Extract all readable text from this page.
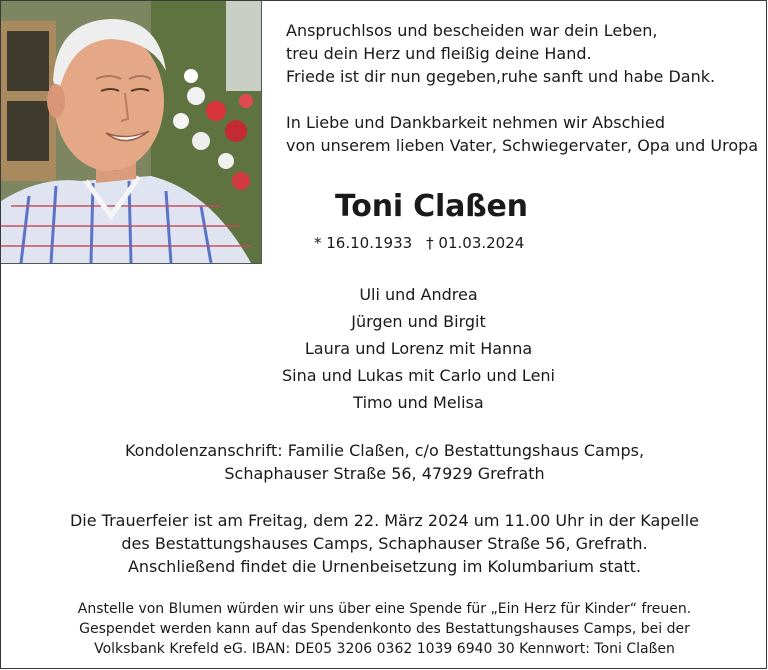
Anspruchlsos und bescheiden war dein Leben,
treu dein Herz und fleißig deine Hand.
Friede ist dir nun gegeben,ruhe sanft und habe Dank.
In Liebe und Dankbarkeit nehmen wir Abschied
von unserem lieben Vater, Schwiegervater, Opa und Uropa
Toni Claßen
* 16.10.1933 † 01.03.2024
Uli und Andrea
Jürgen und Birgit
Laura und Lorenz mit Hanna
Sina und Lukas mit Carlo und Leni
Timo und Melisa
Kondolenzanschrift: Familie Claßen, c/o Bestattungshaus Camps,
Schaphauser Straße 56, 47929 Grefrath
Die Trauerfeier ist am Freitag, dem 22. März 2024 um 11.00 Uhr in der Kapelle
des Bestattungshauses Camps, Schaphauser Straße 56, Grefrath.
Anschließend findet die Urnenbeisetzung im Kolumbarium statt.
Anstelle von Blumen würden wir uns über eine Spende für „Ein Herz für Kinder“ freuen.
Gespendet werden kann auf das Spendenkonto des Bestattungshauses Camps, bei der
Volksbank Krefeld eG. IBAN: DE05 3206 0362 1039 6940 30 Kennwort: Toni Claßen
